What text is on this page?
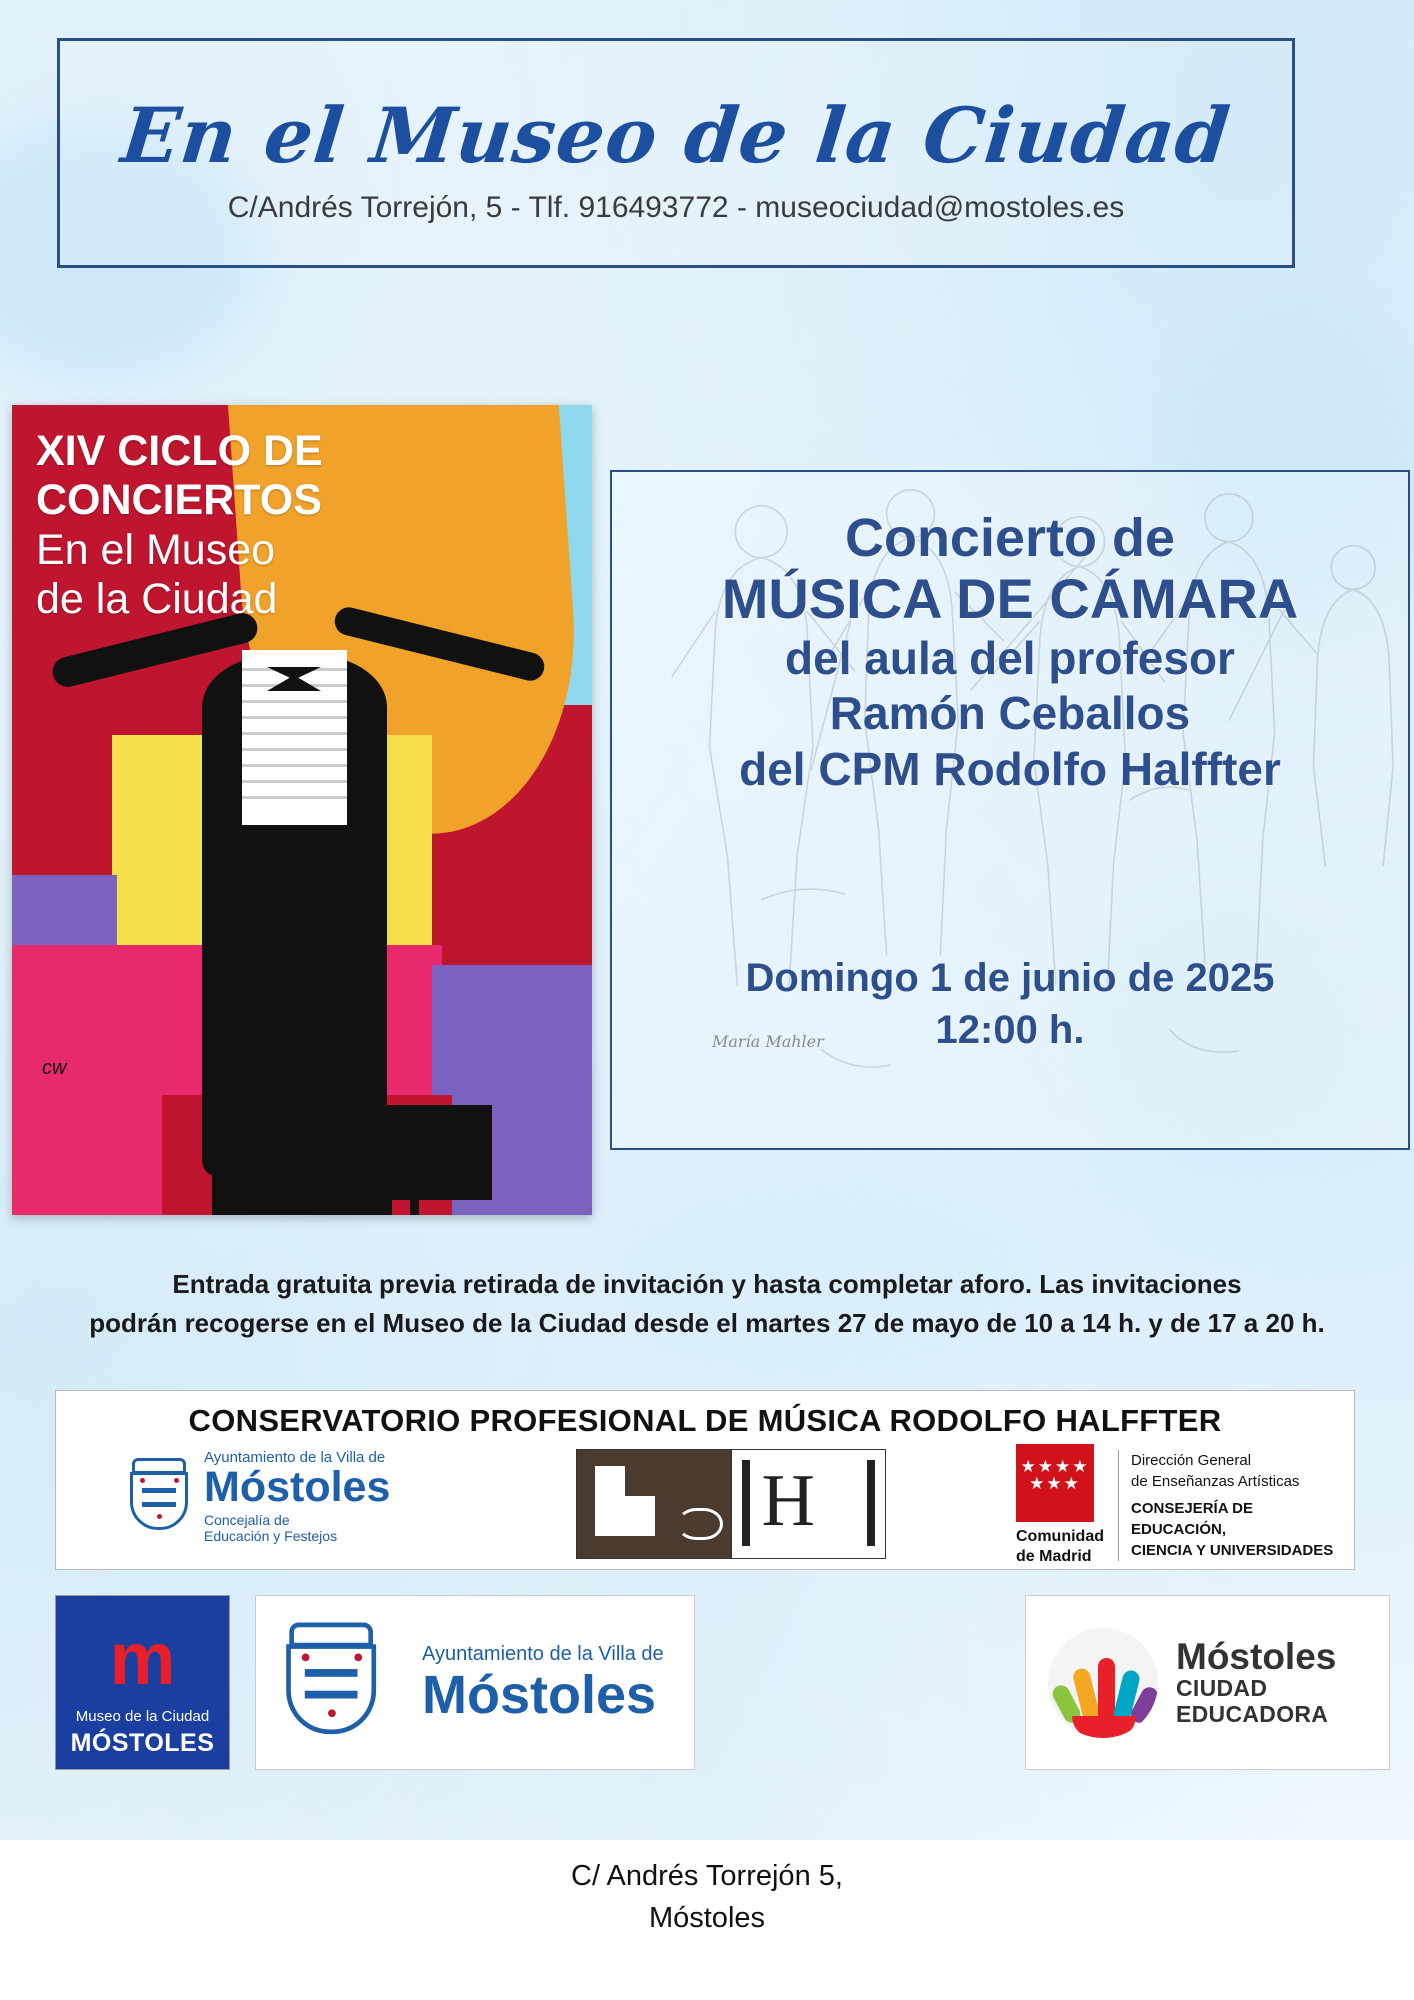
En el Museo de la Ciudad
C/Andrés Torrejón, 5 - Tlf. 916493772 - museociudad@mostoles.es
XIV CICLO DE
CONCIERTOS
En el Museo
de la Ciudad
cw

Concierto de
MÚSICA DE CÁMARA
del aula del profesor
Ramón Ceballos
del CPM Rodolfo Halffter
Domingo 1 de junio de 2025
12:00 h.
María Mahler
Entrada gratuita previa retirada de invitación y hasta completar aforo. Las invitaciones
podrán recogerse en el Museo de la Ciudad desde el martes 27 de mayo de 10 a 14 h. y de 17 a 20 h.
CONSERVATORIO PROFESIONAL DE MÚSICA RODOLFO HALFFTER
Ayuntamiento de la Villa de
Móstoles
Concejalía de
Educación y Festejos	H	★★★★
★★★
Comunidad
de Madrid
Dirección General
de Enseñanzas Artísticas
CONSEJERÍA DE EDUCACIÓN,
CIENCIA Y UNIVERSIDADES
m
Museo de la Ciudad
MÓSTOLES
Ayuntamiento de la Villa de
Móstoles
Móstoles
CIUDAD
EDUCADORA
C/ Andrés Torrejón 5,
Móstoles
